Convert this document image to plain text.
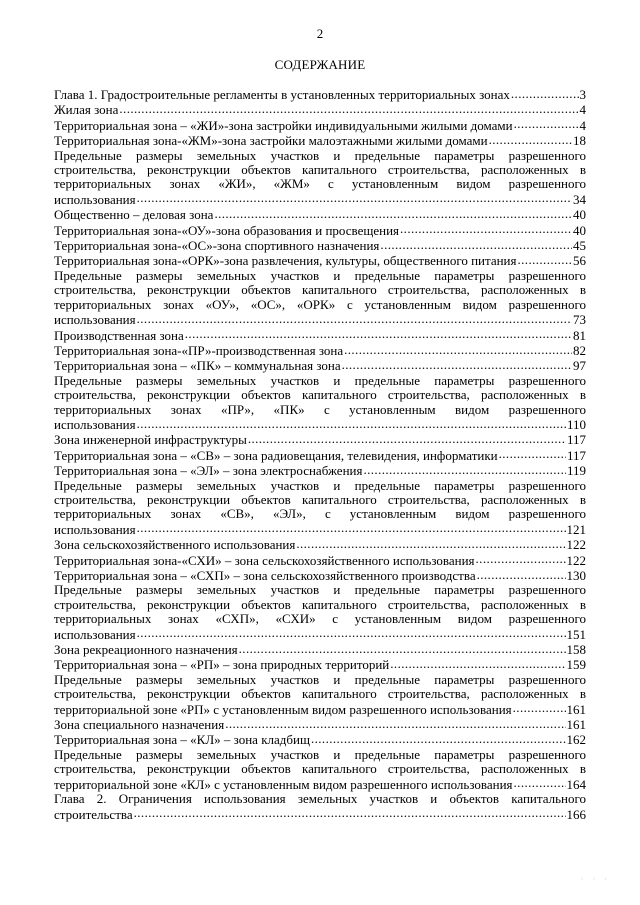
2
СОДЕРЖАНИЕ
Глава 1. Градостроительные регламенты в установленных территориальных зонах .....	3
Жилая зона .....	4
Территориальная зона – «ЖИ»-зона застройки индивидуальными жилыми домами .....	4
Территориальная зона-«ЖМ»-зона застройки малоэтажными жилыми домами .....	18
Предельные размеры земельных участков и предельные параметры разрешенного
строительства, реконструкции объектов капитального строительства, расположенных в
территориальных зонах «ЖИ», «ЖМ» с установленным видом разрешенного
использования .....	34
Общественно – деловая зона .....	40
Территориальная зона-«ОУ»-зона образования и просвещения .....	40
Территориальная зона-«ОС»-зона спортивного назначения .....	45
Территориальная зона-«ОРК»-зона развлечения, культуры, общественного питания .....	56
Предельные размеры земельных участков и предельные параметры разрешенного
строительства, реконструкции объектов капитального строительства, расположенных в
территориальных зонах «ОУ», «ОС», «ОРК» с установленным видом разрешенного
использования .....	73
Производственная зона .....	81
Территориальная зона-«ПР»-производственная зона .....	82
Территориальная зона – «ПК» – коммунальная зона .....	97
Предельные размеры земельных участков и предельные параметры разрешенного
строительства, реконструкции объектов капитального строительства, расположенных в
территориальных зонах «ПР», «ПК» с установленным видом разрешенного
использования .....	110
Зона инженерной инфраструктуры .....	117
Территориальная зона – «СВ» – зона радиовещания, телевидения, информатики .....	117
Территориальная зона – «ЭЛ» – зона электроснабжения .....	119
Предельные размеры земельных участков и предельные параметры разрешенного
строительства, реконструкции объектов капитального строительства, расположенных в
территориальных зонах «СВ», «ЭЛ», с установленным видом разрешенного
использования .....	121
Зона сельскохозяйственного использования .....	122
Территориальная зона-«СХИ» – зона сельскохозяйственного использования .....	122
Территориальная зона – «СХП» – зона сельскохозяйственного производства .....	130
Предельные размеры земельных участков и предельные параметры разрешенного
строительства, реконструкции объектов капитального строительства, расположенных в
территориальных зонах «СХП», «СХИ» с установленным видом разрешенного
использования .....	151
Зона рекреационного назначения .....	158
Территориальная зона – «РП» – зона природных территорий .....	159
Предельные размеры земельных участков и предельные параметры разрешенного
строительства, реконструкции объектов капитального строительства, расположенных в
территориальной зоне «РП» с установленным видом разрешенного использования .....	161
Зона специального назначения .....	161
Территориальная зона – «КЛ» – зона кладбищ .....	162
Предельные размеры земельных участков и предельные параметры разрешенного
строительства, реконструкции объектов капитального строительства, расположенных в
территориальной зоне «КЛ» с установленным видом разрешенного использования .....	164
Глава 2. Ограничения использования земельных участков и объектов капитального
строительства .....	166
· · ·
